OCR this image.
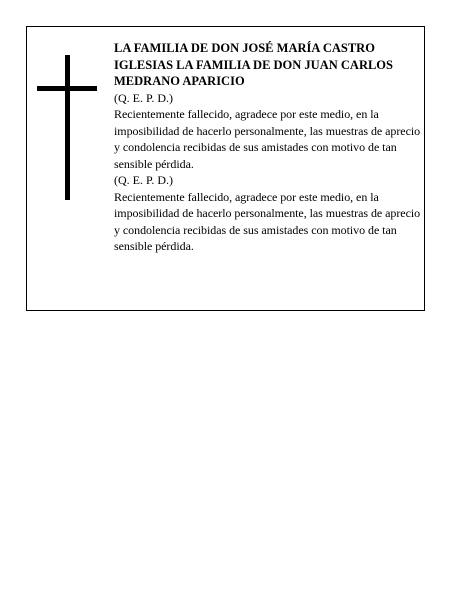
LA FAMILIA DE DON JOSÉ MARÍA CASTRO IGLESIAS LA FAMILIA DE DON JUAN CARLOS MEDRANO APARICIO

(Q. E. P. D.)

Recientemente fallecido, agradece por este medio, en la imposibilidad de hacerlo personalmente, las muestras de aprecio y condolencia recibidas de sus amistades con motivo de tan sensible pérdida.

(Q. E. P. D.)

Recientemente fallecido, agradece por este medio, en la imposibilidad de hacerlo personalmente, las muestras de aprecio y condolencia recibidas de sus amistades con motivo de tan sensible pérdida.
